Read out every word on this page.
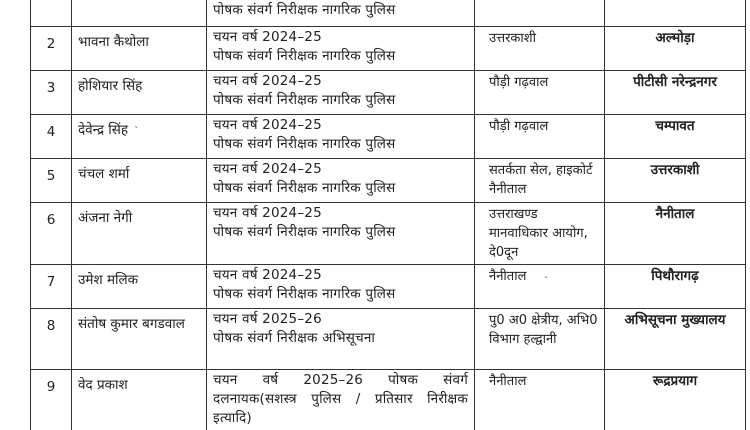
		पोषक संवर्ग निरीक्षक नागरिक पुलिस		

2	भावना कैथोला	चयन वर्ष 2024–25
पोषक संवर्ग निरीक्षक नागरिक पुलिस	उत्तरकाशी	अल्मोड़ा
3	होशियार सिंह	चयन वर्ष 2024–25
पोषक संवर्ग निरीक्षक नागरिक पुलिस	पौड़ी गढ़वाल	पीटीसी नरेन्द्रनगर
4	देवेन्द्र सिंह `	चयन वर्ष 2024–25
पोषक संवर्ग निरीक्षक नागरिक पुलिस	पौड़ी गढ़वाल	चम्पावत
5	चंचल शर्मा	चयन वर्ष 2024–25
पोषक संवर्ग निरीक्षक नागरिक पुलिस	सतर्कता सेल, हाइकोर्ट नैनीताल	उत्तरकाशी
6	अंजना नेगी	चयन वर्ष 2024–25
पोषक संवर्ग निरीक्षक नागरिक पुलिस	उत्तराखण्ड मानवाधिकार आयोग, दे0दून	नैनीताल
7	उमेश मलिक	चयन वर्ष 2024–25
पोषक संवर्ग निरीक्षक नागरिक पुलिस	नैनीताल -	पिथौरागढ़
8	संतोष कुमार बगडवाल	चयन वर्ष 2025–26
पोषक संवर्ग निरीक्षक अभिसूचना	पु0 अ0 क्षेत्रीय, अभि0 विभाग हल्द्वानी	अभिसूचना मुख्यालय
9	वेद प्रकाश	चयन वर्ष 2025–26 पोषक संवर्ग
दलनायक(सशस्त्र पुलिस / प्रतिसार निरीक्षक इत्यादि)	नैनीताल	रूद्रप्रयाग
